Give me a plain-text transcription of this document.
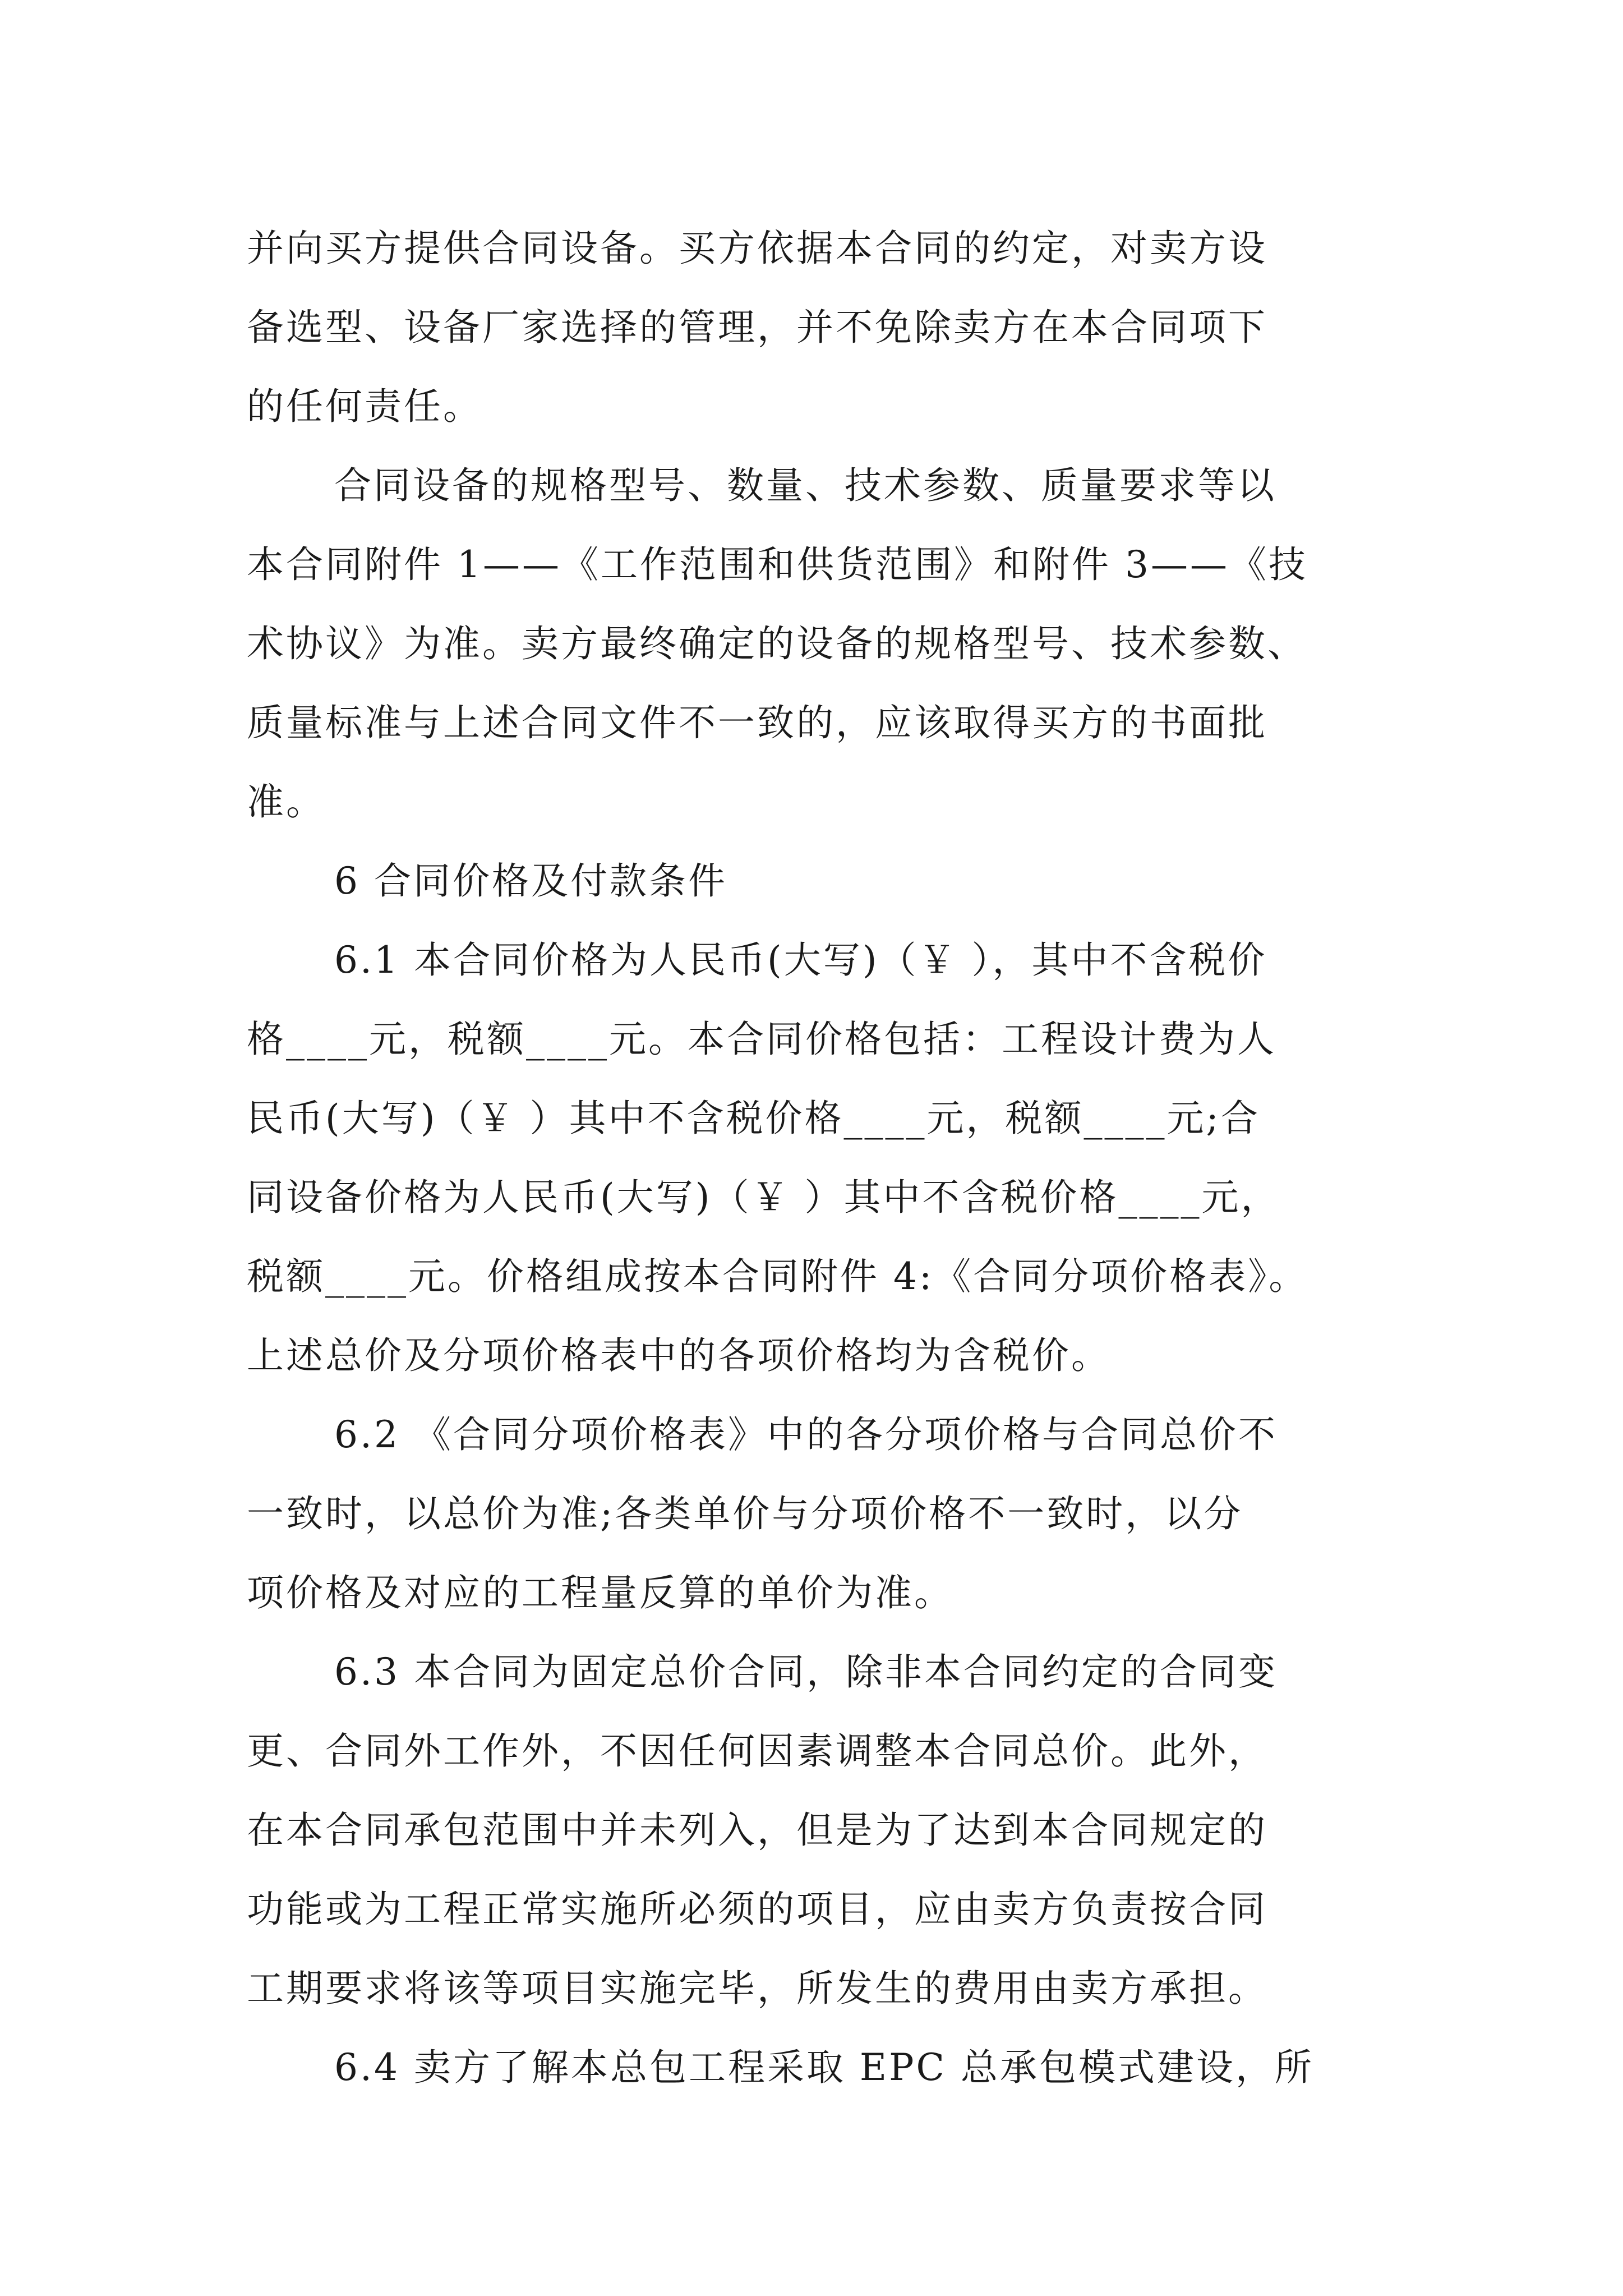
并向买方提供合同设备。买方依据本合同的约定，对卖方设
备选型、设备厂家选择的管理，并不免除卖方在本合同项下
的任何责任。
合同设备的规格型号、数量、技术参数、质量要求等以
本合同附件 1——《工作范围和供货范围》和附件 3——《技
术协议》为准。卖方最终确定的设备的规格型号、技术参数、
质量标准与上述合同文件不一致的，应该取得买方的书面批
准。
6 合同价格及付款条件
6.1 本合同价格为人民币(大写)（￥ ），其中不含税价
格____元，税额____元。本合同价格包括：工程设计费为人
民币(大写)（￥ ）其中不含税价格____元，税额____元;合
同设备价格为人民币(大写)（￥ ）其中不含税价格____元，
税额____元。价格组成按本合同附件 4:《合同分项价格表》。
上述总价及分项价格表中的各项价格均为含税价。
6.2 《合同分项价格表》中的各分项价格与合同总价不
一致时，以总价为准;各类单价与分项价格不一致时，以分
项价格及对应的工程量反算的单价为准。
6.3 本合同为固定总价合同，除非本合同约定的合同变
更、合同外工作外，不因任何因素调整本合同总价。此外，
在本合同承包范围中并未列入，但是为了达到本合同规定的
功能或为工程正常实施所必须的项目，应由卖方负责按合同
工期要求将该等项目实施完毕，所发生的费用由卖方承担。
6.4 卖方了解本总包工程采取 EPC 总承包模式建设，所
